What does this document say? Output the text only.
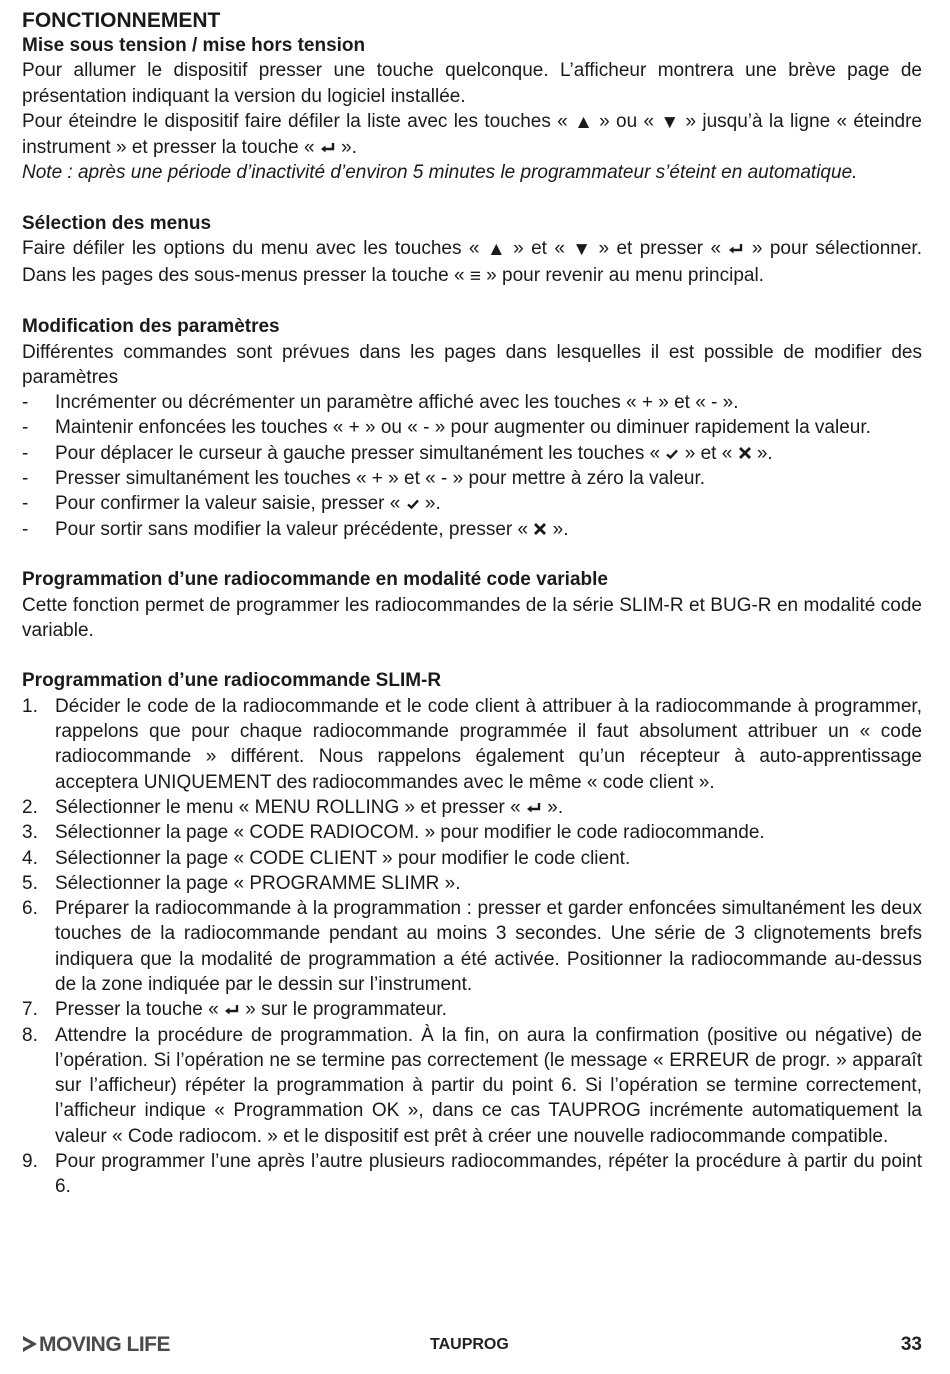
FONCTIONNEMENT
Mise sous tension / mise hors tension

Pour allumer le dispositif presser une touche quelconque. L’afficheur montrera une brève page de présentation indiquant la version du logiciel installée.

Pour éteindre le dispositif faire défiler la liste avec les touches « ▲ » ou « ▼ » jusqu’à la ligne « éteindre instrument » et presser la touche «  ».

Note : après une période d’inactivité d’environ 5 minutes le programmateur s’éteint en automatique.

Sélection des menus

Faire défiler les options du menu avec les touches « ▲ » et « ▼ » et presser «  » pour sélectionner. Dans les pages des sous-menus presser la touche « ≡ » pour revenir au menu principal.

Modification des paramètres

Différentes commandes sont prévues dans les pages dans lesquelles il est possible de modifier des paramètres

- Incrémenter ou décrémenter un paramètre affiché avec les touches « + » et « - ».
- Maintenir enfoncées les touches « + » ou « - » pour augmenter ou diminuer rapidement la valeur.
- Pour déplacer le curseur à gauche presser simultanément les touches «  » et «  ».
- Presser simultanément les touches « + » et « - » pour mettre à zéro la valeur.
- Pour confirmer la valeur saisie, presser «  ».
- Pour sortir sans modifier la valeur précédente, presser «  ».
Programmation d’une radiocommande en modalité code variable

Cette fonction permet de programmer les radiocommandes de la série SLIM-R et BUG-R en modalité code variable.

Programmation d’une radiocommande SLIM-R
1. Décider le code de la radiocommande et le code client à attribuer à la radiocommande à programmer, rappelons que pour chaque radiocommande programmée il faut absolument attribuer un « code radiocommande » différent. Nous rappelons également qu’un récepteur à auto-apprentissage acceptera UNIQUEMENT des radiocommandes avec le même « code client ».
2. Sélectionner le menu « MENU ROLLING » et presser «  ».
3. Sélectionner la page « CODE RADIOCOM. » pour modifier le code radiocommande.
4. Sélectionner la page « CODE CLIENT » pour modifier le code client.
5. Sélectionner la page « PROGRAMME SLIMR ».
6. Préparer la radiocommande à la programmation : presser et garder enfoncées simultanément les deux touches de la radiocommande pendant au moins 3 secondes. Une série de 3 clignotements brefs indiquera que la modalité de programmation a été activée. Positionner la radiocommande au-dessus de la zone indiquée par le dessin sur l’instrument.
7. Presser la touche «  » sur le programmateur.
8. Attendre la procédure de programmation. À la fin, on aura la confirmation (positive ou négative) de l’opération. Si l’opération ne se termine pas correctement (le message « ERREUR de progr. » apparaît sur l’afficheur) répéter la programmation à partir du point 6. Si l’opération se termine correctement, l’afficheur indique « Programmation OK », dans ce cas TAUPROG incrémente automatiquement la valeur « Code radiocom. » et le dispositif est prêt à créer une nouvelle radiocommande compatible.
9. Pour programmer l’une après l’autre plusieurs radiocommandes, répéter la procédure à partir du point 6.
MOVING LIFE	TAUPROG	33
